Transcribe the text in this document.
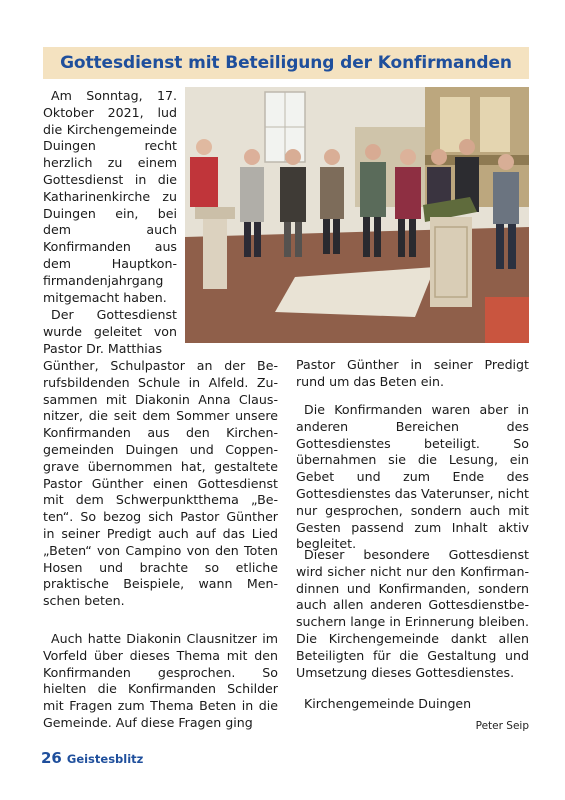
Gottesdienst mit Beteiligung der Konfirmanden

Am Sonntag, 17. Oktober 2021, lud die Kirchengemeinde Duingen recht herzlich zu einem Gottesdienst in die Katharinenkirche zu Duingen ein, bei dem auch Konfirmanden aus dem Hauptkonfirmandenjahrgang mitgemacht haben.

Der Gottesdienst wurde geleitet von Pastor Dr. Matthias

Günther, Schulpastor an der Berufsbildenden Schule in Alfeld. Zusammen mit Diakonin Anna Clausnitzer, die seit dem Sommer unsere Konfirmanden aus den Kirchengemeinden Duingen und Coppengrave übernommen hat, gestaltete Pastor Günther einen Gottesdienst mit dem Schwerpunktthema „Beten“. So bezog sich Pastor Günther in seiner Predigt auch auf das Lied „Beten“ von Campino von den Toten Hosen und brachte so etliche praktische Beispiele, wann Menschen beten.

Auch hatte Diakonin Clausnitzer im Vorfeld über dieses Thema mit den Konfirmanden gesprochen. So hielten die Konfirmanden Schilder mit Fragen zum Thema Beten in die Gemeinde. Auf diese Fragen ging

Pastor Günther in seiner Predigt rund um das Beten ein.

Die Konfirmanden waren aber in anderen Bereichen des Gottesdienstes beteiligt. So übernahmen sie die Lesung, ein Gebet und zum Ende des Gottesdienstes das Vaterunser, nicht nur gesprochen, sondern auch mit Gesten passend zum Inhalt aktiv begleitet.

Dieser besondere Gottesdienst wird sicher nicht nur den Konfirmandinnen und Konfirmanden, sondern auch allen anderen Gottesdienstbesuchern lange in Erinnerung bleiben. Die Kirchengemeinde dankt allen Beteiligten für die Gestaltung und Umsetzung dieses Gottesdienstes.

Kirchengemeinde Duingen

Peter Seip
26 Geistesblitz
